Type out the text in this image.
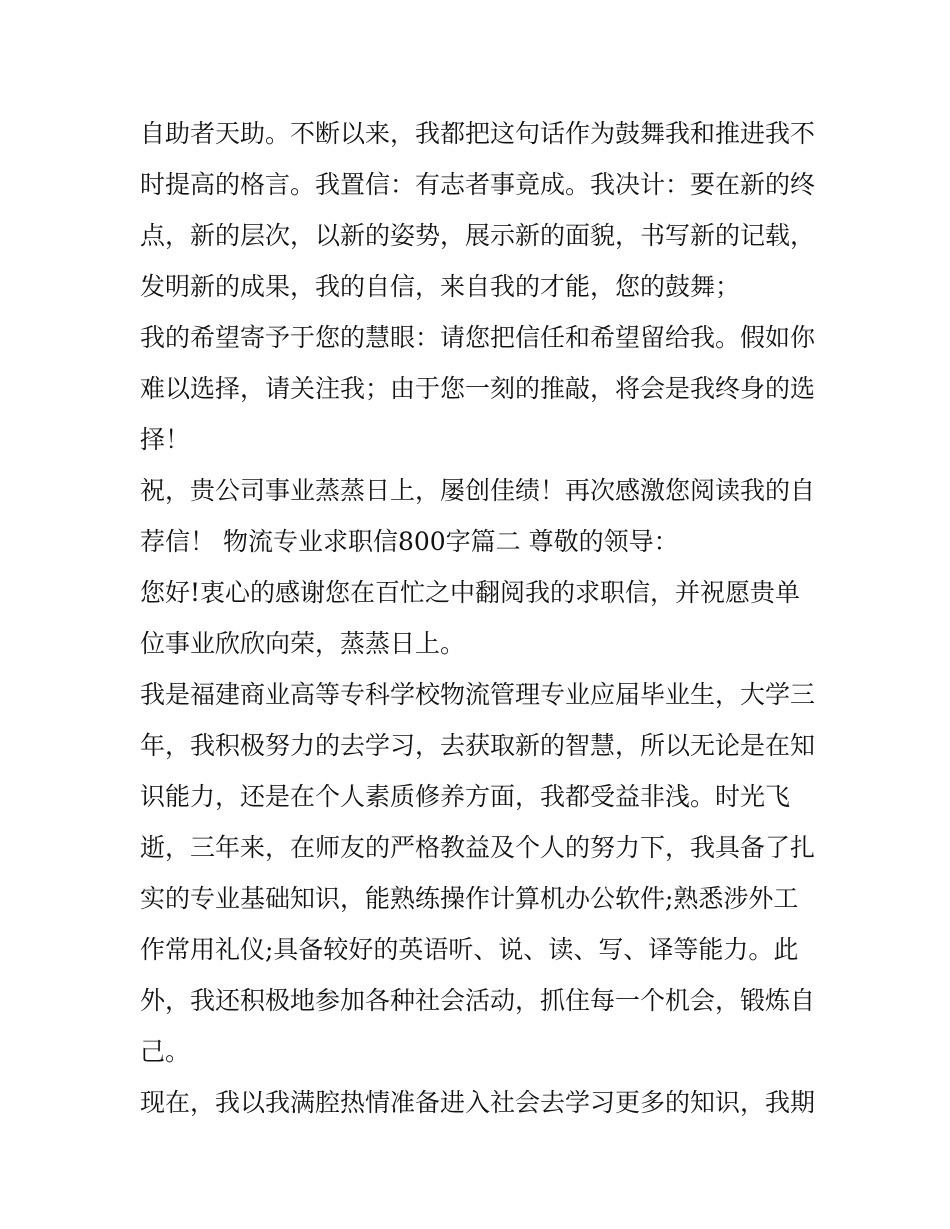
自助者天助。不断以来，我都把这句话作为鼓舞我和推进我不
时提高的格言。我置信：有志者事竟成。我决计：要在新的终
点，新的层次，以新的姿势，展示新的面貌，书写新的记载，
发明新的成果，我的自信，来自我的才能，您的鼓舞；
我的希望寄予于您的慧眼：请您把信任和希望留给我。假如你
难以选择，请关注我；由于您一刻的推敲，将会是我终身的选
择！
祝，贵公司事业蒸蒸日上，屡创佳绩！再次感激您阅读我的自
荐信！ 物流专业求职信800字篇二 尊敬的领导：
您好!衷心的感谢您在百忙之中翻阅我的求职信，并祝愿贵单
位事业欣欣向荣，蒸蒸日上。
我是福建商业高等专科学校物流管理专业应届毕业生，大学三
年，我积极努力的去学习，去获取新的智慧，所以无论是在知
识能力，还是在个人素质修养方面，我都受益非浅。时光飞
逝，三年来，在师友的严格教益及个人的努力下，我具备了扎
实的专业基础知识，能熟练操作计算机办公软件;熟悉涉外工
作常用礼仪;具备较好的英语听、说、读、写、译等能力。此
外，我还积极地参加各种社会活动，抓住每一个机会，锻炼自
己。
现在，我以我满腔热情准备进入社会去学习更多的知识，我期
